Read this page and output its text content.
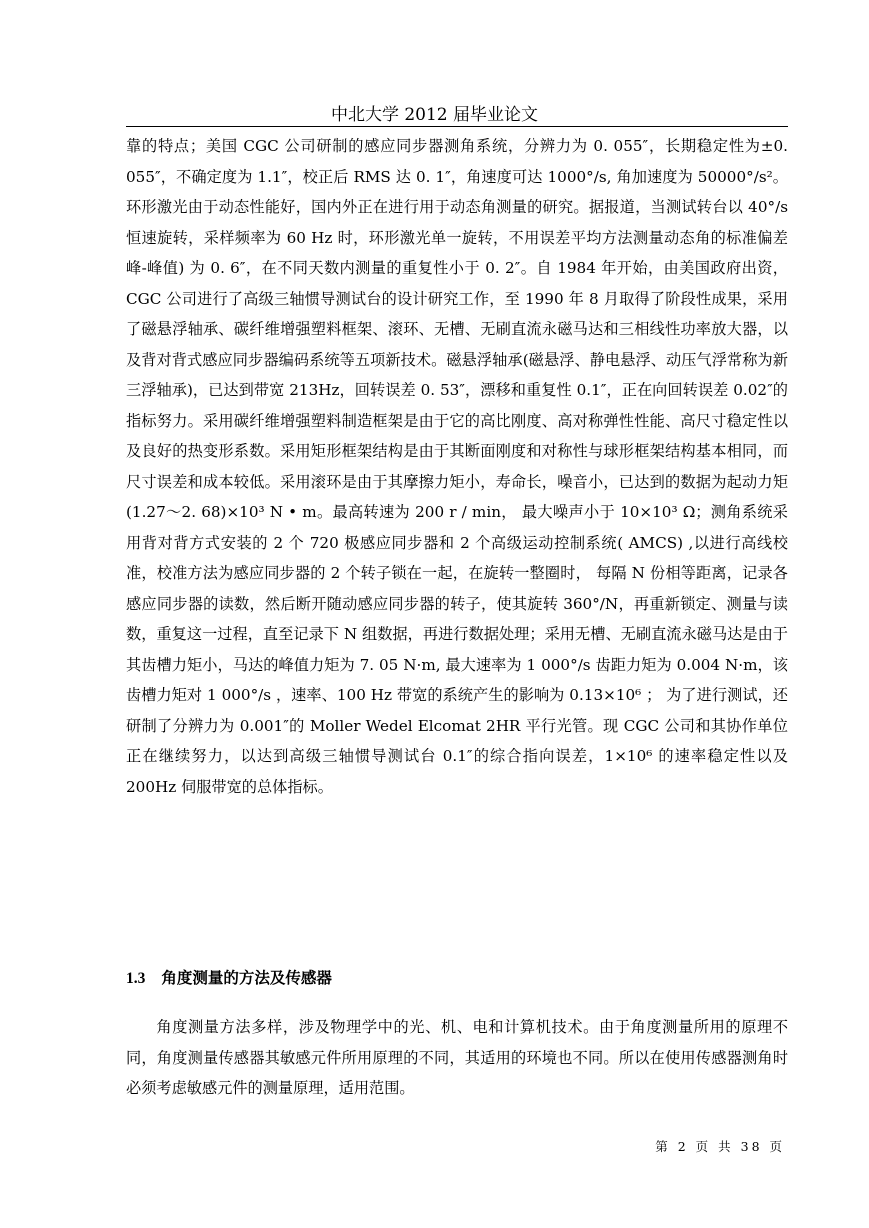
中北大学 2012 届毕业论文

靠的特点；美国 CGC 公司研制的感应同步器测角系统，分辨力为 0. 055″，长期稳定性为±0. 055″，不确定度为 1.1″，校正后 RMS 达 0. 1″，角速度可达 1000°/s, 角加速度为 50000°/s²。环形激光由于动态性能好，国内外正在进行用于动态角测量的研究。据报道，当测试转台以 40°/s 恒速旋转，采样频率为 60 Hz 时，环形激光单一旋转，不用误差平均方法测量动态角的标准偏差峰-峰值) 为 0. 6″，在不同天数内测量的重复性小于 0. 2″。自 1984 年开始，由美国政府出资，CGC 公司进行了高级三轴惯导测试台的设计研究工作，至 1990 年 8 月取得了阶段性成果，采用了磁悬浮轴承、碳纤维增强塑料框架、滚环、无槽、无刷直流永磁马达和三相线性功率放大器，以及背对背式感应同步器编码系统等五项新技术。磁悬浮轴承(磁悬浮、静电悬浮、动压气浮常称为新三浮轴承)，已达到带宽 213Hz，回转误差 0. 53″，漂移和重复性 0.1″，正在向回转误差 0.02″的指标努力。采用碳纤维增强塑料制造框架是由于它的高比刚度、高对称弹性性能、高尺寸稳定性以及良好的热变形系数。采用矩形框架结构是由于其断面刚度和对称性与球形框架结构基本相同，而尺寸误差和成本较低。采用滚环是由于其摩擦力矩小，寿命长，噪音小，已达到的数据为起动力矩(1.27～2. 68)×10³ N • m。最高转速为 200 r / min， 最大噪声小于 10×10³ Ω；测角系统采用背对背方式安装的 2 个 720 极感应同步器和 2 个高级运动控制系统( AMCS) ,以进行高线校准，校准方法为感应同步器的 2 个转子锁在一起，在旋转一整圈时， 每隔 N 份相等距离，记录各感应同步器的读数，然后断开随动感应同步器的转子，使其旋转 360°/N，再重新锁定、测量与读数，重复这一过程，直至记录下 N 组数据，再进行数据处理；采用无槽、无刷直流永磁马达是由于其齿槽力矩小，马达的峰值力矩为 7. 05 N·m, 最大速率为 1 000°/s 齿距力矩为 0.004 N·m，该齿槽力矩对 1 000°/s ，速率、100 Hz 带宽的系统产生的影响为 0.13×10⁶ ； 为了进行测试，还研制了分辨力为 0.001″的 Moller Wedel Elcomat 2HR 平行光管。现 CGC 公司和其协作单位正在继续努力，以达到高级三轴惯导测试台 0.1″的综合指向误差，1×10⁶ 的速率稳定性以及 200Hz 伺服带宽的总体指标。

1.3 角度测量的方法及传感器

角度测量方法多样，涉及物理学中的光、机、电和计算机技术。由于角度测量所用的原理不同，角度测量传感器其敏感元件所用原理的不同，其适用的环境也不同。所以在使用传感器测角时必须考虑敏感元件的测量原理，适用范围。

第 2 页 共 38 页
